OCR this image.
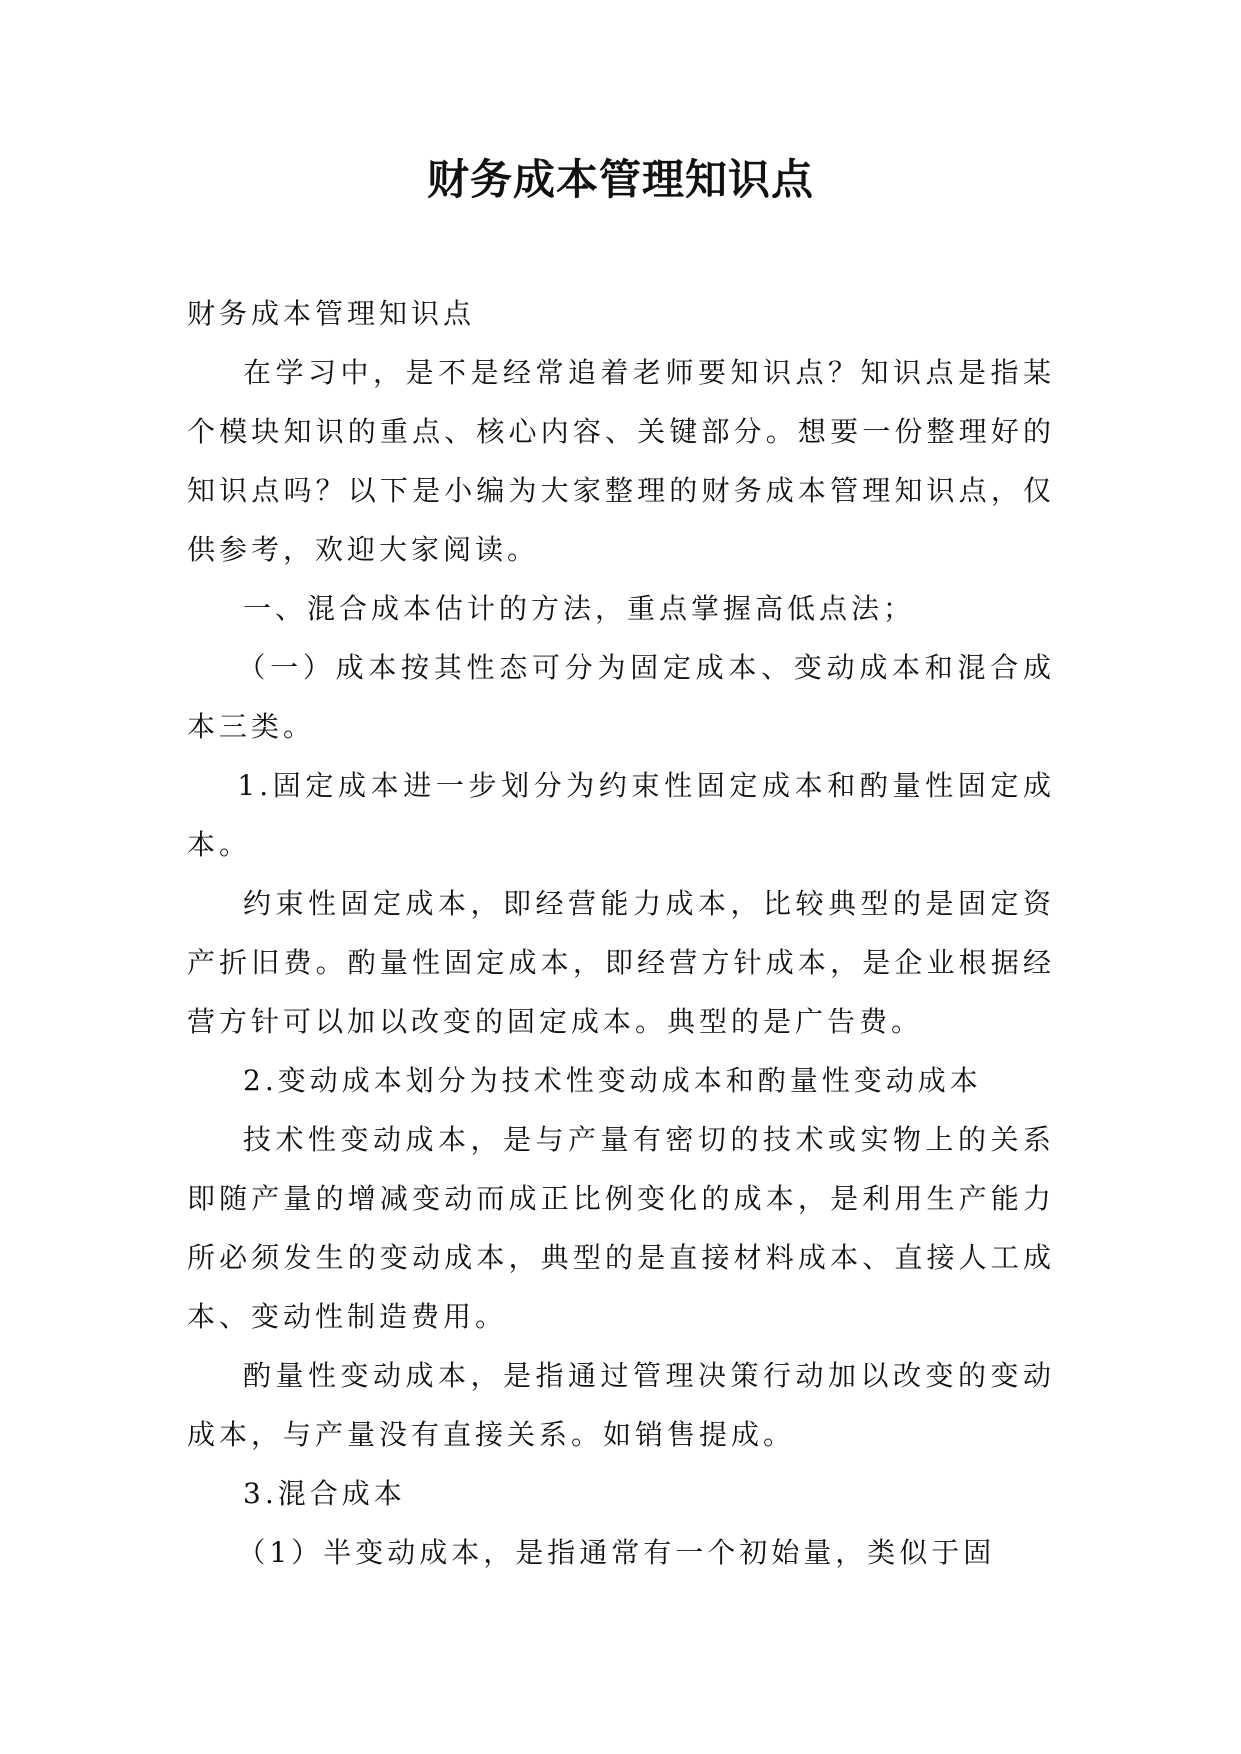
财务成本管理知识点

财务成本管理知识点

在学习中，是不是经常追着老师要知识点？知识点是指某个模块知识的重点、核心内容、关键部分。想要一份整理好的知识点吗？以下是小编为大家整理的财务成本管理知识点，仅供参考，欢迎大家阅读。

一、混合成本估计的方法，重点掌握高低点法；

（一）成本按其性态可分为固定成本、变动成本和混合成本三类。

1.固定成本进一步划分为约束性固定成本和酌量性固定成本。

约束性固定成本，即经营能力成本，比较典型的是固定资产折旧费。酌量性固定成本，即经营方针成本，是企业根据经营方针可以加以改变的固定成本。典型的是广告费。

2.变动成本划分为技术性变动成本和酌量性变动成本

技术性变动成本，是与产量有密切的技术或实物上的关系即随产量的增减变动而成正比例变化的成本，是利用生产能力所必须发生的变动成本，典型的是直接材料成本、直接人工成本、变动性制造费用。

酌量性变动成本，是指通过管理决策行动加以改变的变动成本，与产量没有直接关系。如销售提成。

3.混合成本

（1）半变动成本，是指通常有一个初始量，类似于固
